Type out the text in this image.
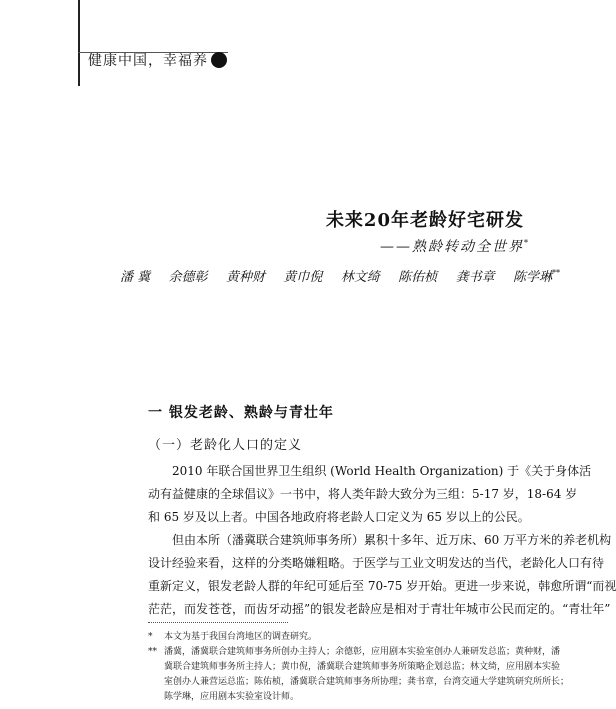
健康中国，幸福养
未来20年老龄好宅研发
——熟龄转动全世界*
潘 冀 余德彰 黄种财 黄巾倪 林文绮 陈佑桢 龚书章 陈学琳**
一 银发老龄、熟龄与青壮年
（一）老龄化人口的定义
2010 年联合国世界卫生组织 (World Health Organization) 于《关于身体活
动有益健康的全球倡议》一书中，将人类年龄大致分为三组：5-17 岁，18-64 岁
和 65 岁及以上者。中国各地政府将老龄人口定义为 65 岁以上的公民。
但由本所（潘冀联合建筑师事务所）累积十多年、近万床、60 万平方米的养老机构
设计经验来看，这样的分类略嫌粗略。于医学与工业文明发达的当代，老龄化人口有待
重新定义，银发老龄人群的年纪可延后至 70-75 岁开始。更进一步来说，韩愈所谓“而视
茫茫，而发苍苍，而齿牙动摇”的银发老龄应是相对于青壮年城市公民而定的。“青壮年”
* 本文为基于我国台湾地区的调查研究。
** 潘冀，潘冀联合建筑师事务所创办主持人；余德彰，应用剧本实验室创办人兼研发总监；黄种财，潘
冀联合建筑师事务所主持人；黄巾倪，潘冀联合建筑师事务所策略企划总监；林文绮，应用剧本实验
室创办人兼营运总监；陈佑桢，潘冀联合建筑师事务所协理；龚书章，台湾交通大学建筑研究所所长；
陈学琳，应用剧本实验室设计师。
